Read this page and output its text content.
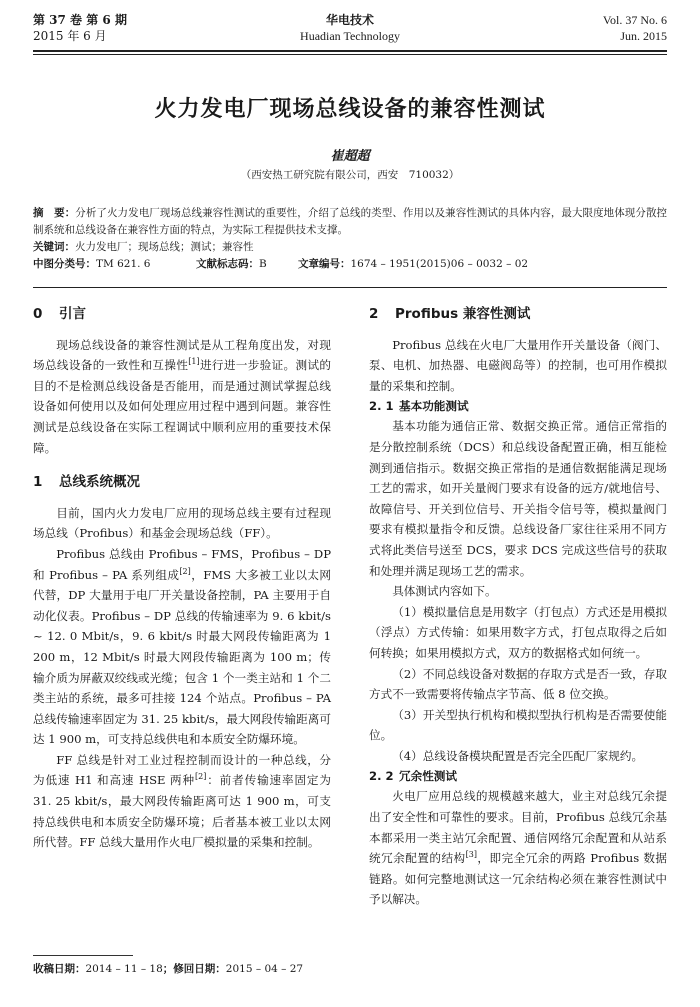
第 37 卷 第 6 期
2015 年 6 月
华电技术
Huadian Technology
Vol. 37 No. 6
Jun. 2015
火力发电厂现场总线设备的兼容性测试
崔超超
（西安热工研究院有限公司，西安　710032）
摘　要：分析了火力发电厂现场总线兼容性测试的重要性，介绍了总线的类型、作用以及兼容性测试的具体内容，最大限度地体现分散控制系统和总线设备在兼容性方面的特点，为实际工程提供技术支撑。
关键词：火力发电厂；现场总线；测试；兼容性
中图分类号：TM 621. 6	文献标志码：B	文章编号：1674 – 1951(2015)06 – 0032 – 02
0 引言

现场总线设备的兼容性测试是从工程角度出发，对现场总线设备的一致性和互操性[1]进行进一步验证。测试的目的不是检测总线设备是否能用，而是通过测试掌握总线设备如何使用以及如何处理应用过程中遇到问题。兼容性测试是总线设备在实际工程调试中顺利应用的重要技术保障。

1 总线系统概况

目前，国内火力发电厂应用的现场总线主要有过程现场总线（Profibus）和基金会现场总线（FF）。

Profibus 总线由 Profibus – FMS，Profibus – DP 和 Profibus – PA 系列组成[2]，FMS 大多被工业以太网代替，DP 大量用于电厂开关量设备控制，PA 主要用于自动化仪表。Profibus – DP 总线的传输速率为 9. 6 kbit/s ~ 12. 0 Mbit/s，9. 6 kbit/s 时最大网段传输距离为 1 200 m，12 Mbit/s 时最大网段传输距离为 100 m；传输介质为屏蔽双绞线或光缆；包含 1 个一类主站和 1 个二类主站的系统，最多可挂接 124 个站点。Profibus – PA 总线传输速率固定为 31. 25 kbit/s，最大网段传输距离可达 1 900 m，可支持总线供电和本质安全防爆环境。

FF 总线是针对工业过程控制而设计的一种总线，分为低速 H1 和高速 HSE 两种[2]：前者传输速率固定为 31. 25 kbit/s，最大网段传输距离可达 1 900 m，可支持总线供电和本质安全防爆环境；后者基本被工业以太网所代替。FF 总线大量用作火电厂模拟量的采集和控制。

2 Profibus 兼容性测试

Profibus 总线在火电厂大量用作开关量设备（阀门、泵、电机、加热器、电磁阀岛等）的控制，也可用作模拟量的采集和控制。

2. 1 基本功能测试

基本功能为通信正常、数据交换正常。通信正常指的是分散控制系统（DCS）和总线设备配置正确，相互能检测到通信指示。数据交换正常指的是通信数据能满足现场工艺的需求，如开关量阀门要求有设备的远方/就地信号、故障信号、开关到位信号、开关指令信号等，模拟量阀门要求有模拟量指令和反馈。总线设备厂家往往采用不同方式将此类信号送至 DCS，要求 DCS 完成这些信号的获取和处理并满足现场工艺的需求。

具体测试内容如下。

（1）模拟量信息是用数字（打包点）方式还是用模拟（浮点）方式传输：如果用数字方式，打包点取得之后如何转换；如果用模拟方式，双方的数据格式如何统一。

（2）不同总线设备对数据的存取方式是否一致，存取方式不一致需要将传输点字节高、低 8 位交换。

（3）开关型执行机构和模拟型执行机构是否需要使能位。

（4）总线设备模块配置是否完全匹配厂家规约。

2. 2 冗余性测试

火电厂应用总线的规模越来越大，业主对总线冗余提出了安全性和可靠性的要求。目前，Profibus 总线冗余基本都采用一类主站冗余配置、通信网络冗余配置和从站系统冗余配置的结构[3]，即完全冗余的两路 Profibus 数据链路。如何完整地测试这一冗余结构必须在兼容性测试中予以解决。

收稿日期：2014 – 11 – 18；修回日期：2015 – 04 – 27
